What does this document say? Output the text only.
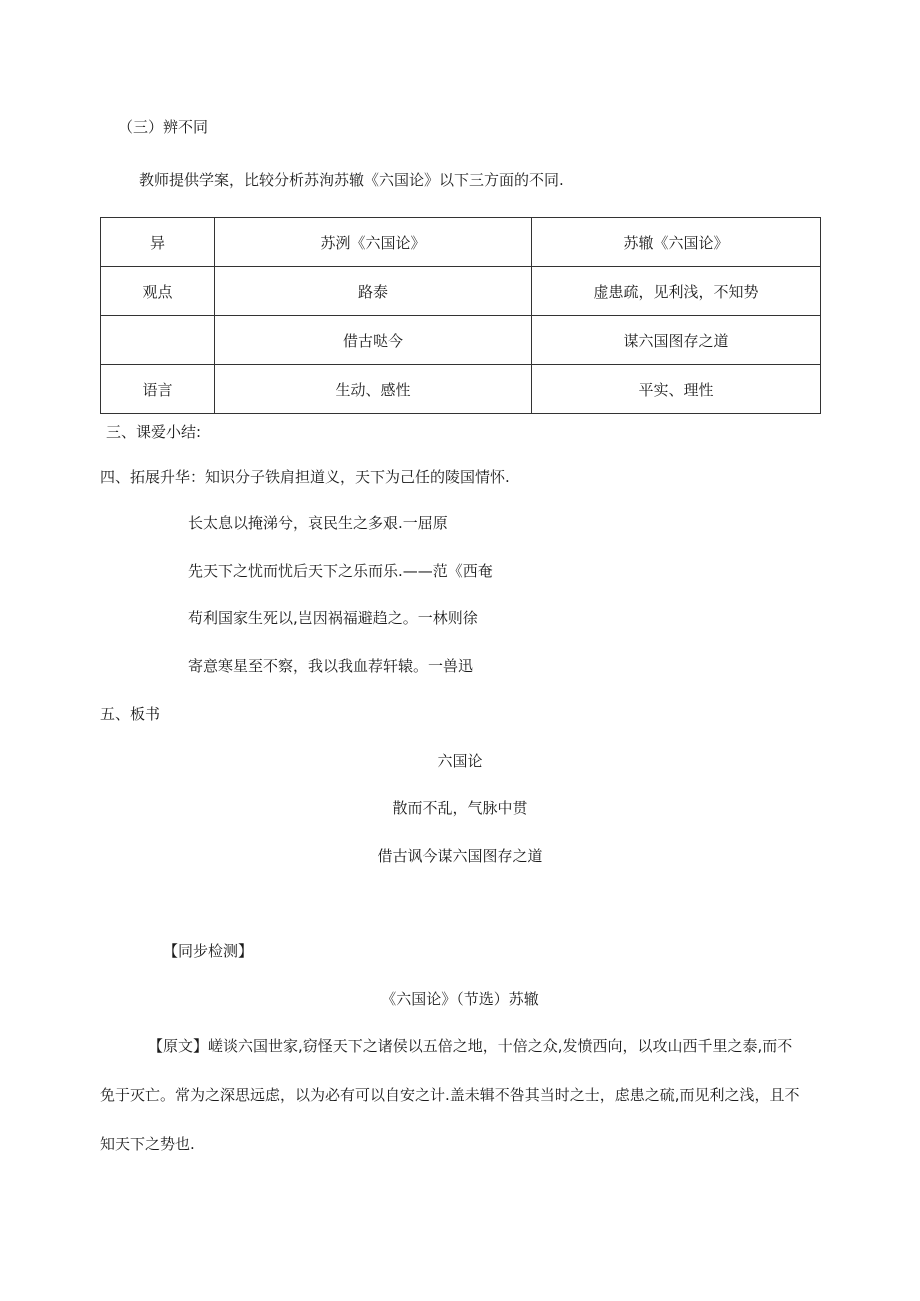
（三）辨不同
教师提供学案，比较分析苏洵苏辙《六国论》以下三方面的不同.
异	苏洌《六国论》	苏辙《六国论》
观点	路泰	虚患疏，见利浅，不知势
	借古哒今	谋六国图存之道
语言	生动、感性	平实、理性
三、课爱小结:
四、拓展升华：知识分子铁肩担道义，天下为己任的陵国情怀.
长太息以掩涕兮，哀民生之多艰.一屈原
先天下之忧而忧后天下之乐而乐.——范《西奄
苟利国家生死以,岂因祸福避趋之。一林则徐
寄意寒星至不察，我以我血荐轩辕。一兽迅
五、板书
六国论
散而不乱，气脉中贯
借古讽今谋六国图存之道
【同步检测】
《六国论》（节选）苏辙
【原文】嵯谈六国世家,窃怪天下之诸侯以五倍之地，十倍之众,发愤西向，以攻山西千里之泰,而不
免于灭亡。常为之深思远虑，以为必有可以自安之计.盖未辑不咎其当时之士，虑患之硫,而见利之浅，且不
知天下之势也.
